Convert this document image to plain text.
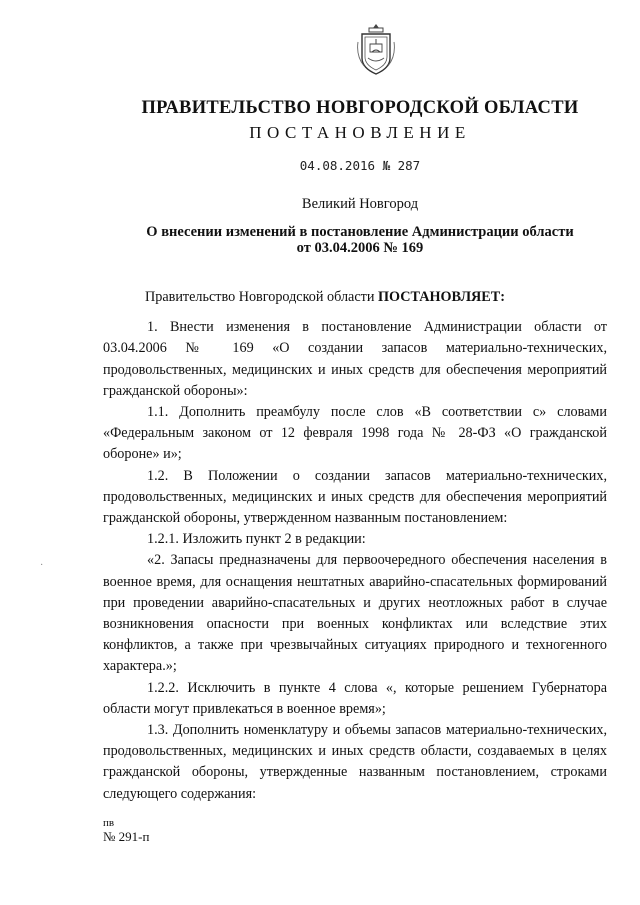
ПРАВИТЕЛЬСТВО НОВГОРОДСКОЙ ОБЛАСТИ
ПОСТАНОВЛЕНИЕ
04.08.2016 № 287
Великий Новгород
О внесении изменений в постановление Администрации области
от 03.04.2006 № 169

Правительство Новгородской области ПОСТАНОВЛЯЕТ:

1. Внести изменения в постановление Администрации области от 03.04.2006 № 169 «О создании запасов материально-технических, продовольственных, медицинских и иных средств для обеспечения мероприятий гражданской обороны»:

1.1. Дополнить преамбулу после слов «В соответствии с» словами «Федеральным законом от 12 февраля 1998 года № 28-ФЗ «О гражданской обороне» и»;

1.2. В Положении о создании запасов материально-технических, продовольственных, медицинских и иных средств для обеспечения мероприятий гражданской обороны, утвержденном названным постановлением:

1.2.1. Изложить пункт 2 в редакции:

«2. Запасы предназначены для первоочередного обеспечения населения в военное время, для оснащения нештатных аварийно-спасательных формирований при проведении аварийно-спасательных и других неотложных работ в случае возникновения опасности при военных конфликтах или вследствие этих конфликтов, а также при чрезвычайных ситуациях природного и техногенного характера.»;

1.2.2. Исключить в пункте 4 слова «, которые решением Губернатора области могут привлекаться в военное время»;

1.3. Дополнить номенклатуру и объемы запасов материально-технических, продовольственных, медицинских и иных средств области, создаваемых в целях гражданской обороны, утвержденные названным постановлением, строками следующего содержания:

пв
№ 291-п
·
